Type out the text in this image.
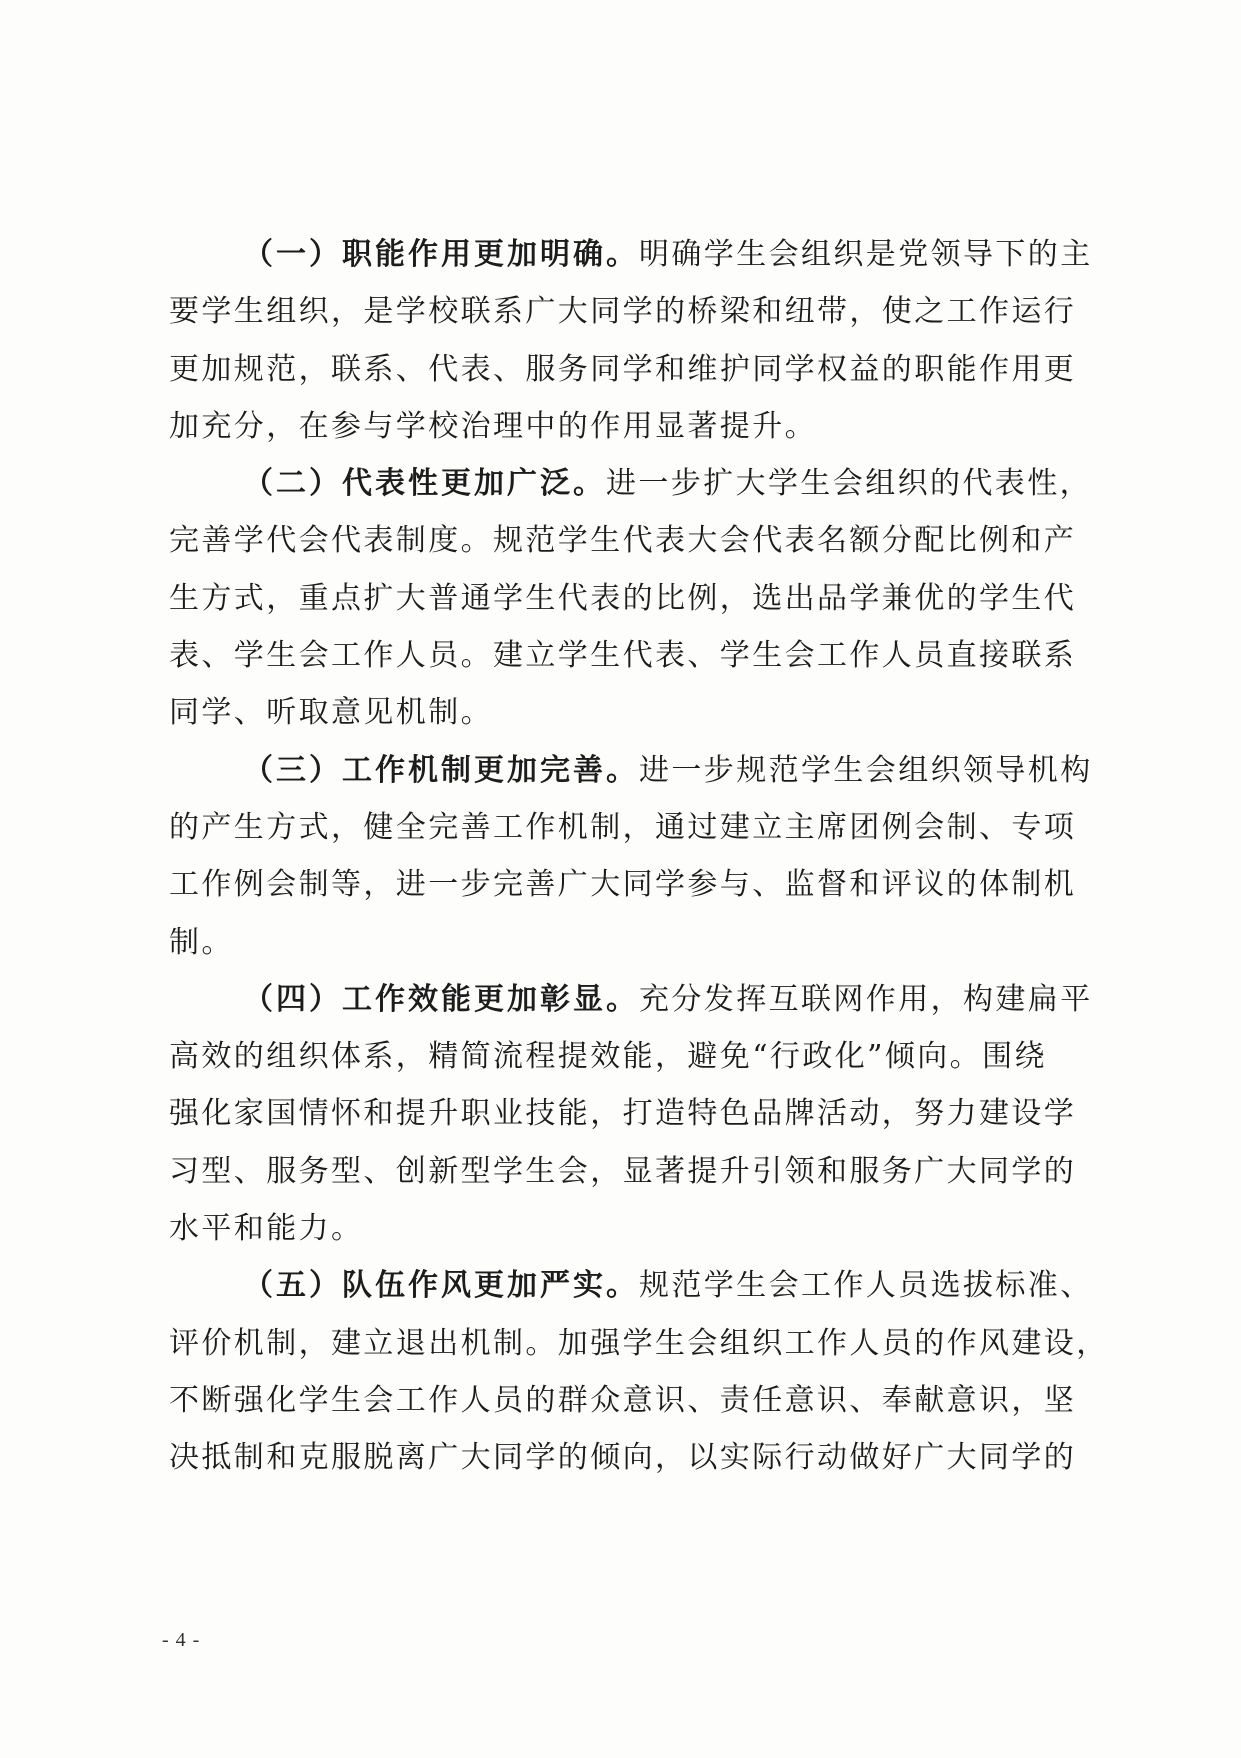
（一）职能作用更加明确。明确学生会组织是党领导下的主
要学生组织，是学校联系广大同学的桥梁和纽带，使之工作运行
更加规范，联系、代表、服务同学和维护同学权益的职能作用更
加充分，在参与学校治理中的作用显著提升。
（二）代表性更加广泛。进一步扩大学生会组织的代表性，
完善学代会代表制度。规范学生代表大会代表名额分配比例和产
生方式，重点扩大普通学生代表的比例，选出品学兼优的学生代
表、学生会工作人员。建立学生代表、学生会工作人员直接联系
同学、听取意见机制。
（三）工作机制更加完善。进一步规范学生会组织领导机构
的产生方式，健全完善工作机制，通过建立主席团例会制、专项
工作例会制等，进一步完善广大同学参与、监督和评议的体制机
制。
（四）工作效能更加彰显。充分发挥互联网作用，构建扁平
高效的组织体系，精简流程提效能，避免“行政化”倾向。围绕
强化家国情怀和提升职业技能，打造特色品牌活动，努力建设学
习型、服务型、创新型学生会，显著提升引领和服务广大同学的
水平和能力。
（五）队伍作风更加严实。规范学生会工作人员选拔标准、
评价机制，建立退出机制。加强学生会组织工作人员的作风建设，
不断强化学生会工作人员的群众意识、责任意识、奉献意识，坚
决抵制和克服脱离广大同学的倾向，以实际行动做好广大同学的
- 4 -
